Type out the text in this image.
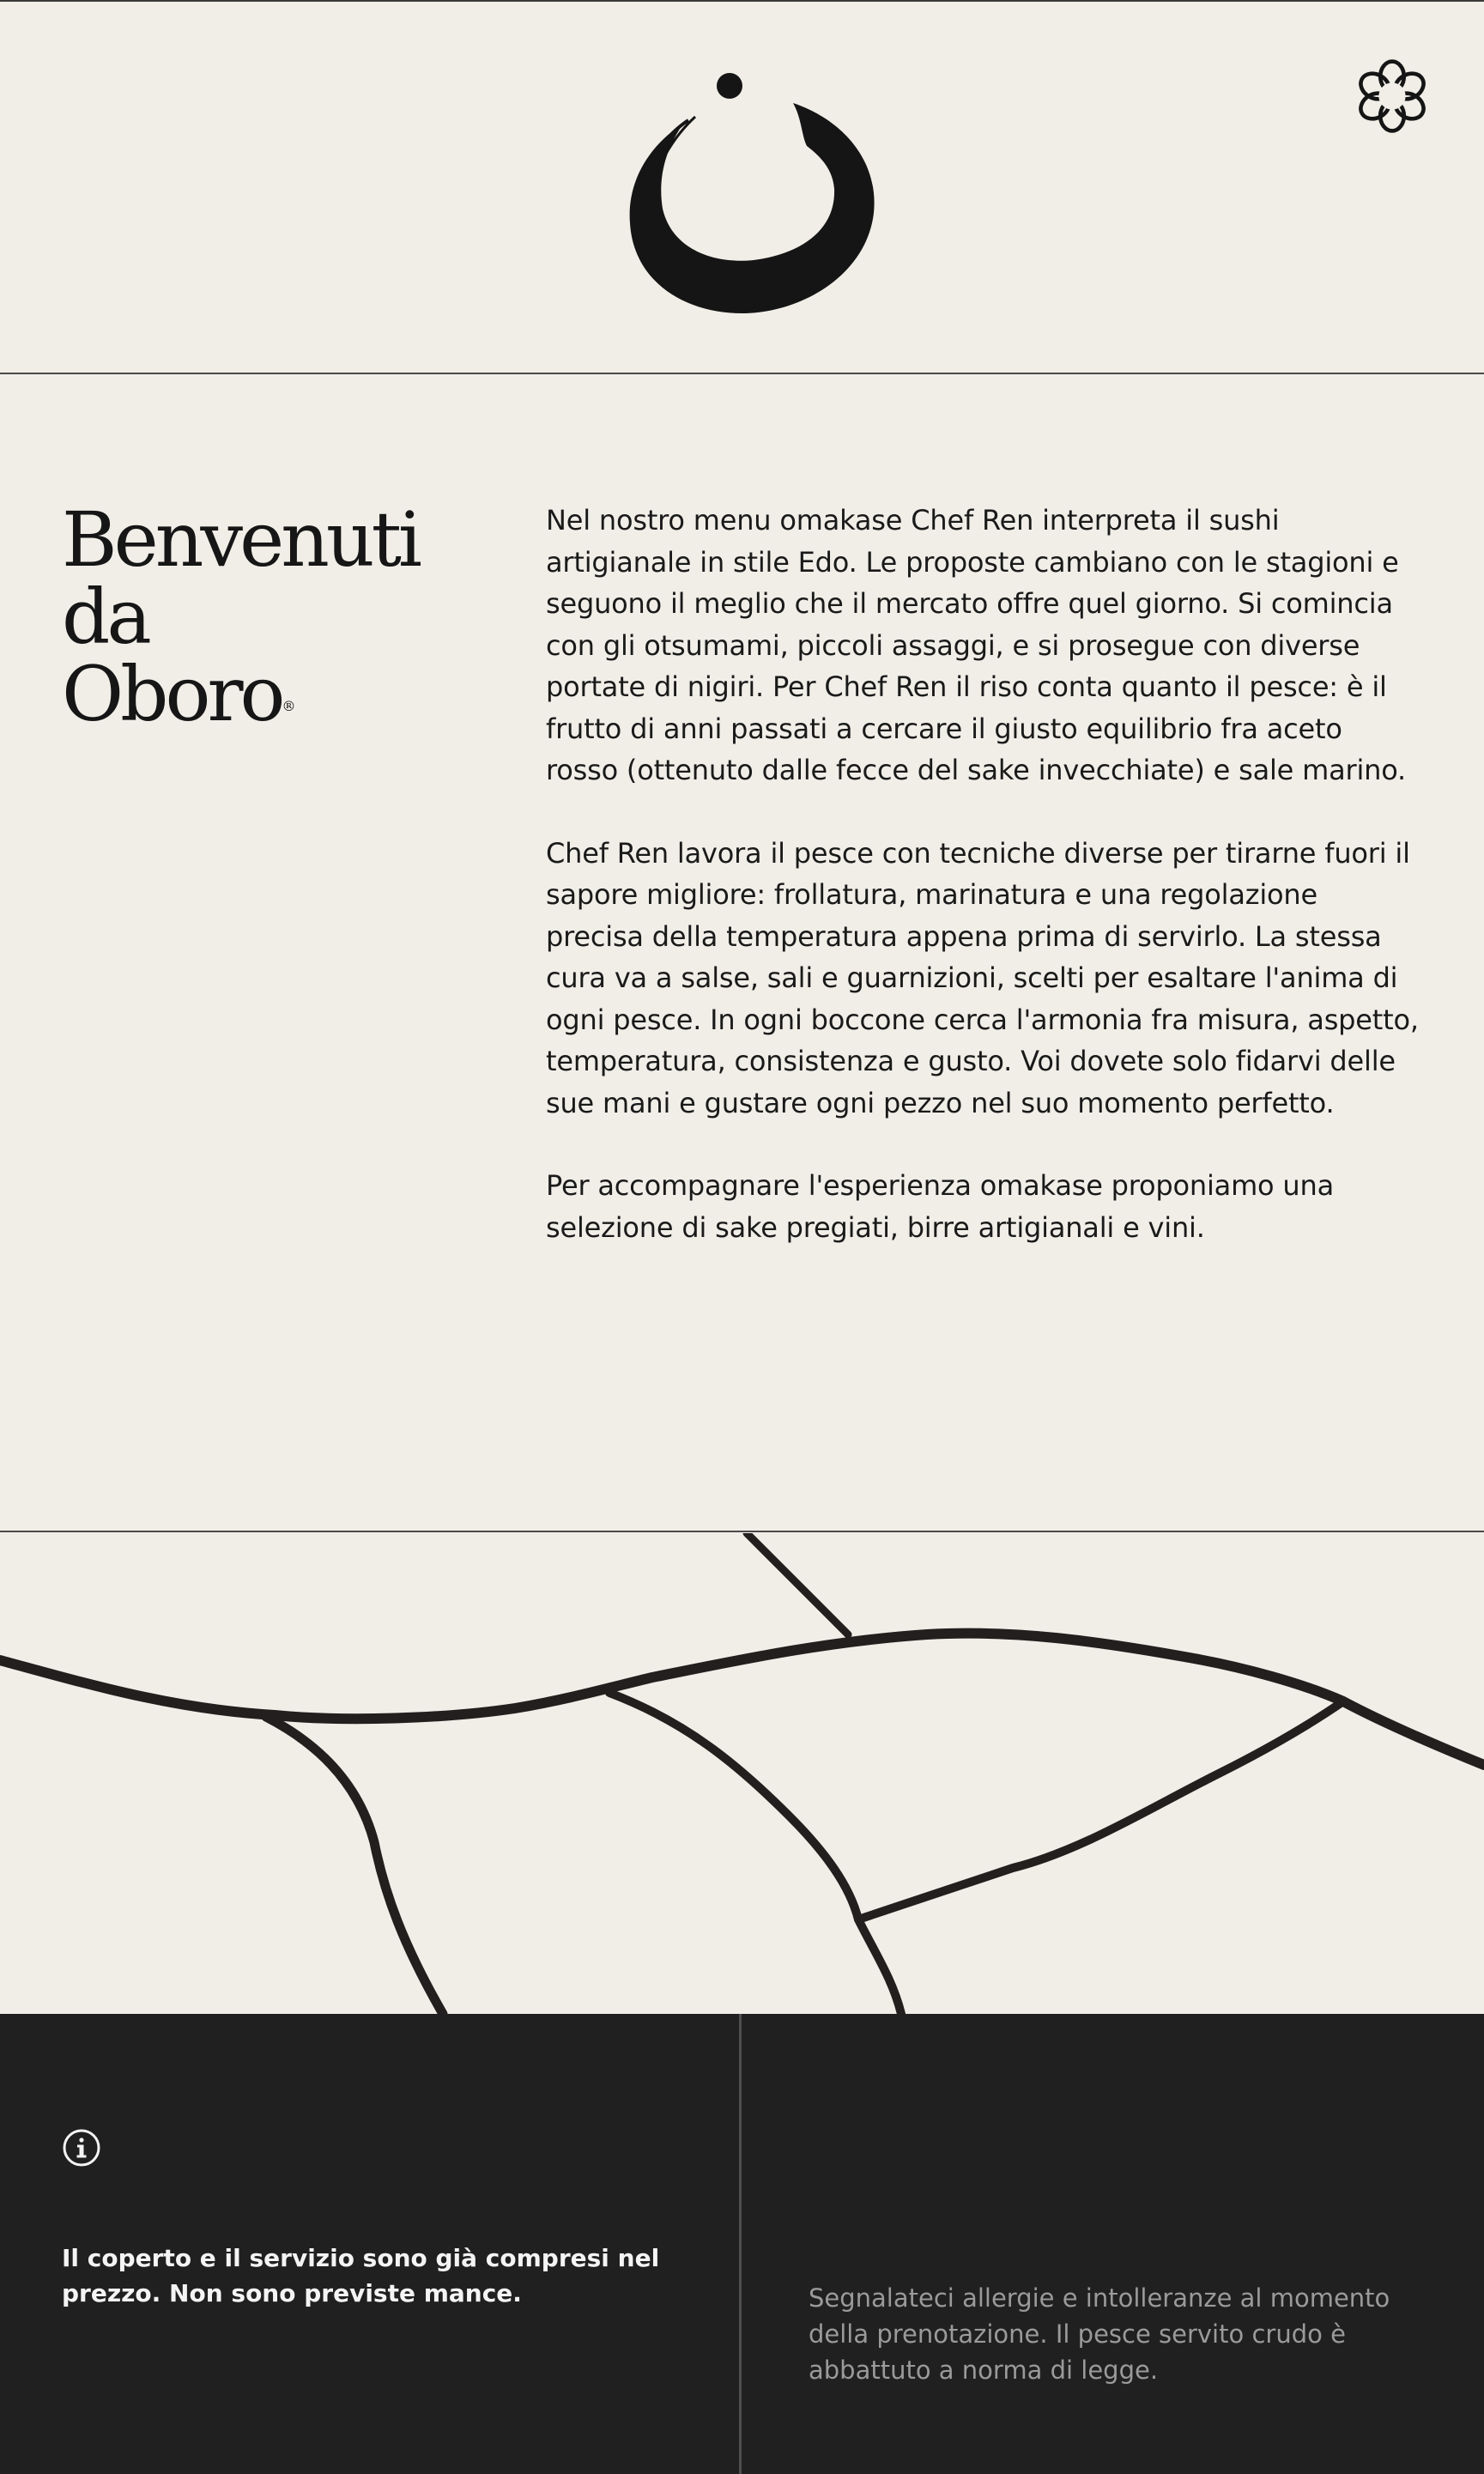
Benvenuti da
Oboro®

Nel nostro menu omakase Chef Ren interpreta il sushi artigianale in stile Edo. Le proposte cambiano con le stagioni e seguono il meglio che il mercato offre quel giorno. Si comincia con gli otsumami, piccoli assaggi, e si prosegue con diverse portate di nigiri. Per Chef Ren il riso conta quanto il pesce: è il frutto di anni passati a cercare il giusto equilibrio fra aceto rosso (ottenuto dalle fecce del sake invecchiate) e sale marino.

Chef Ren lavora il pesce con tecniche diverse per tirarne fuori il sapore migliore: frollatura, marinatura e una regolazione precisa della temperatura appena prima di servirlo. La stessa cura va a salse, sali e guarnizioni, scelti per esaltare l'anima di ogni pesce. In ogni boccone cerca l'armonia fra misura, aspetto, temperatura, consistenza e gusto. Voi dovete solo fidarvi delle sue mani e gustare ogni pezzo nel suo momento perfetto.

Per accompagnare l'esperienza omakase proponiamo una selezione di sake pregiati, birre artigianali e vini.

Il coperto e il servizio sono già compresi nel prezzo. Non sono previste mance.	Segnalateci allergie e intolleranze al momento della prenotazione. Il pesce servito crudo è abbattuto a norma di legge.
